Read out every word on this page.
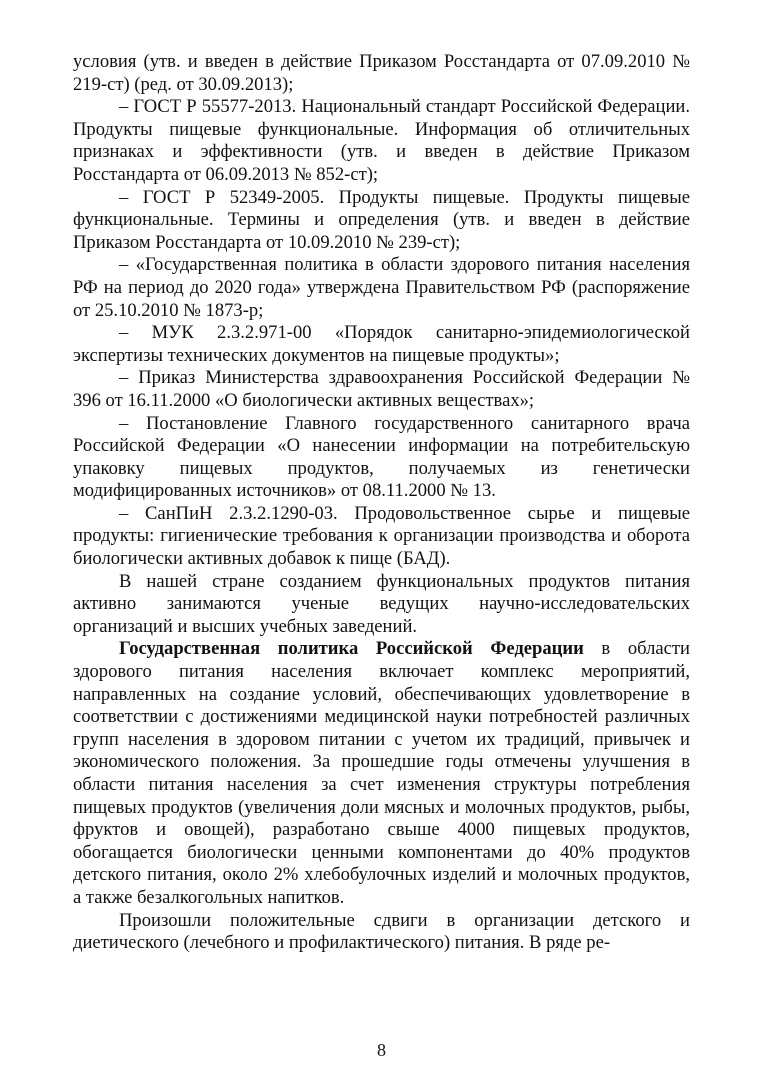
условия (утв. и введен в действие Приказом Росстандарта от 07.09.2010 № 219-ст) (ред. от 30.09.2013);

– ГОСТ Р 55577-2013. Национальный стандарт Российской Федерации. Продукты пищевые функциональные. Информация об отличительных признаках и эффективности (утв. и введен в действие Приказом Росстандарта от 06.09.2013 № 852-ст);

– ГОСТ Р 52349-2005. Продукты пищевые. Продукты пищевые функциональные. Термины и определения (утв. и введен в действие Приказом Росстандарта от 10.09.2010 № 239-ст);

– «Государственная политика в области здорового питания населения РФ на период до 2020 года» утверждена Правительством РФ (распоряжение от 25.10.2010 № 1873-р;

– МУК 2.3.2.971-00 «Порядок санитарно-эпидемиологической экспертизы технических документов на пищевые продукты»;

– Приказ Министерства здравоохранения Российской Федерации № 396 от 16.11.2000 «О биологически активных веществах»;

– Постановление Главного государственного санитарного врача Российской Федерации «О нанесении информации на потребительскую упаковку пищевых продуктов, получаемых из генетически модифицированных источников» от 08.11.2000 № 13.

– СанПиН 2.3.2.1290-03. Продовольственное сырье и пищевые продукты: гигиенические требования к организации производства и оборота биологически активных добавок к пище (БАД).

В нашей стране созданием функциональных продуктов питания активно занимаются ученые ведущих научно-исследовательских организаций и высших учебных заведений.

Государственная политика Российской Федерации в области здорового питания населения включает комплекс мероприятий, направленных на создание условий, обеспечивающих удовлетворение в соответствии с достижениями медицинской науки потребностей различных групп населения в здоровом питании с учетом их традиций, привычек и экономического положения. За прошедшие годы отмечены улучшения в области питания населения за счет изменения структуры потребления пищевых продуктов (увеличения доли мясных и молочных продуктов, рыбы, фруктов и овощей), разработано свыше 4000 пищевых продуктов, обогащается биологически ценными компонентами до 40% продуктов детского питания, около 2% хлебобулочных изделий и молочных продуктов, а также безалкогольных напитков.

Произошли положительные сдвиги в организации детского и диетического (лечебного и профилактического) питания. В ряде ре-

8
